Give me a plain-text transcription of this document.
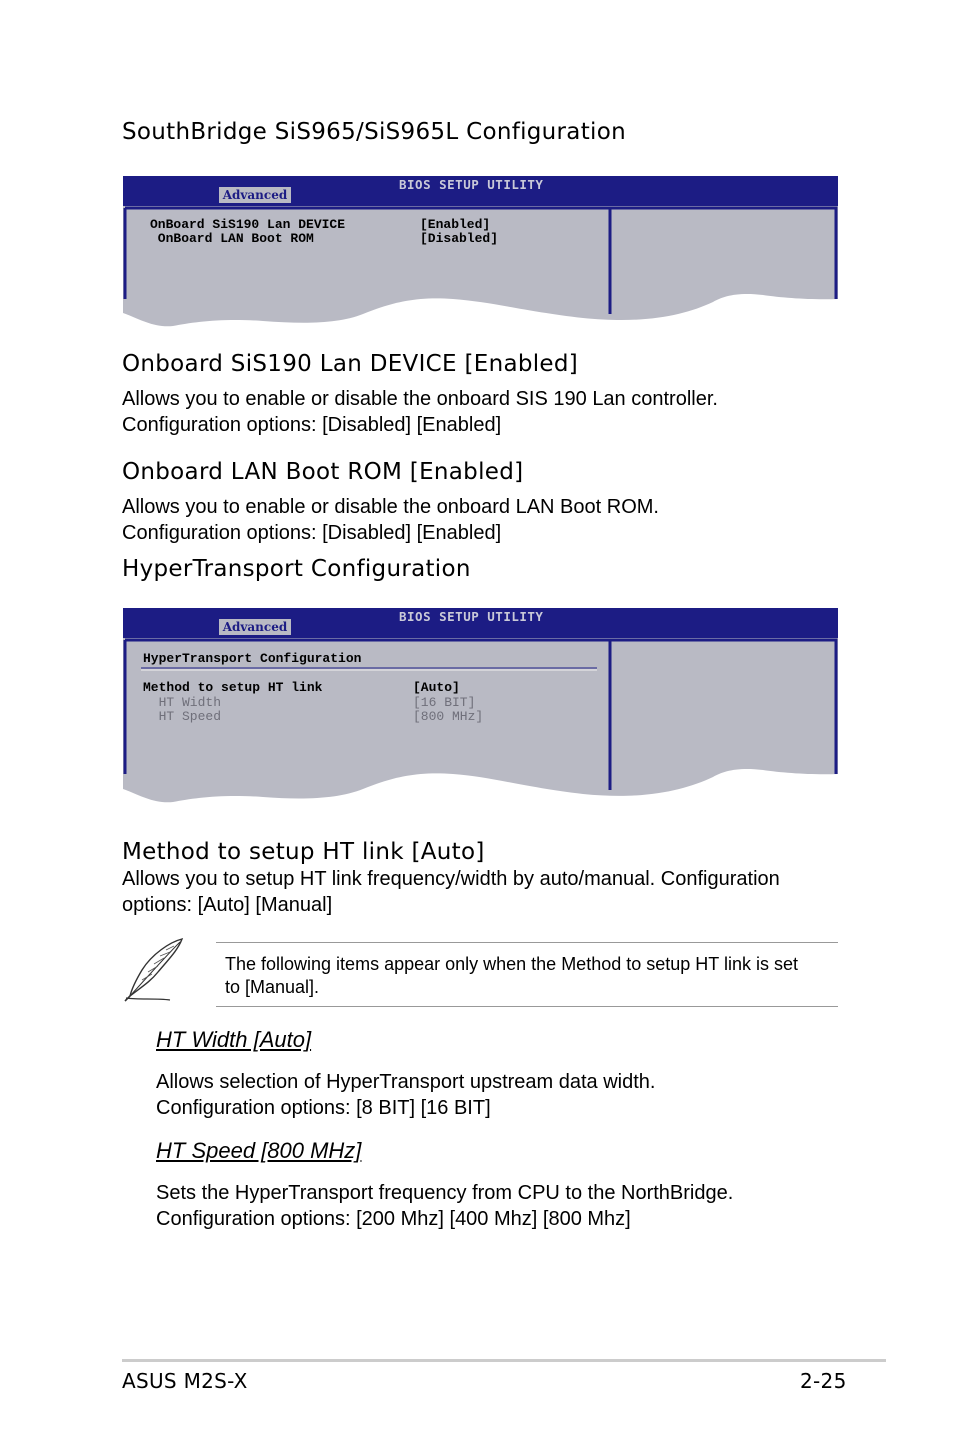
SouthBridge SiS965/SiS965L Configuration
BIOS SETUP UTILITY
Advanced
OnBoard SiS190 Lan DEVICE	[Enabled]
OnBoard LAN Boot ROM	[Disabled]
Onboard SiS190 Lan DEVICE [Enabled]
Allows you to enable or disable the onboard SIS 190 Lan controller.
Configuration options: [Disabled] [Enabled]
Onboard LAN Boot ROM [Enabled]
Allows you to enable or disable the onboard LAN Boot ROM.
Configuration options: [Disabled] [Enabled]
HyperTransport Configuration
BIOS SETUP UTILITY
Advanced
HyperTransport Configuration
Method to setup HT link	[Auto]
HT Width	[16 BIT]
HT Speed	[800 MHz]
Method to setup HT link [Auto]
Allows you to setup HT link frequency/width by auto/manual. Configuration
options: [Auto] [Manual]
The following items appear only when the Method to setup HT link is set
to [Manual].
HT Width [Auto]
Allows selection of HyperTransport upstream data width.
Configuration options: [8 BIT] [16 BIT]
HT Speed [800 MHz]
Sets the HyperTransport frequency from CPU to the NorthBridge.
Configuration options: [200 Mhz] [400 Mhz] [800 Mhz]
ASUS M2S-X	2-25
